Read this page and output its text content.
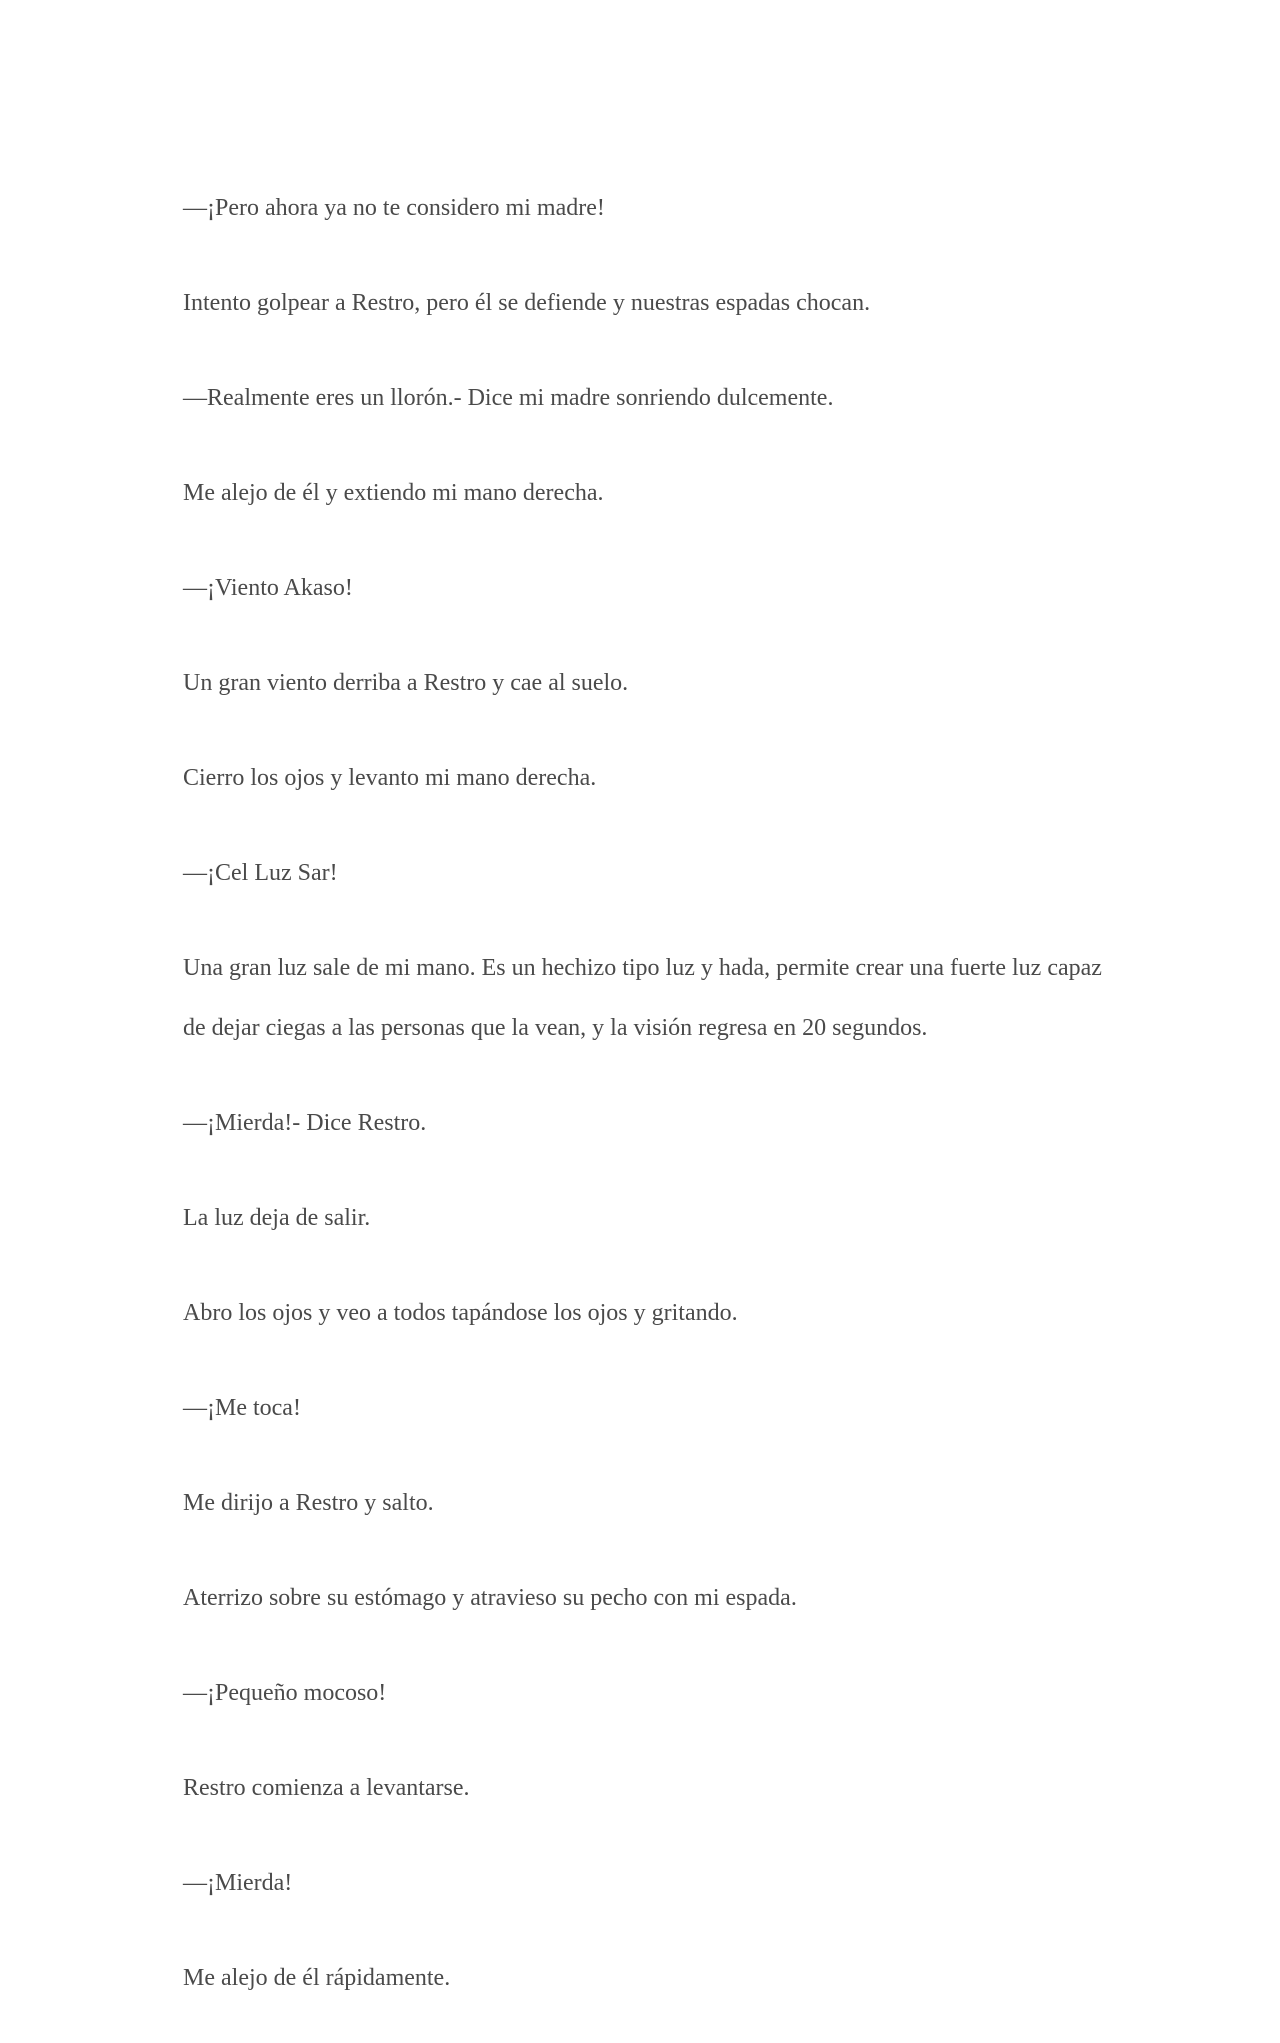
—¡Pero ahora ya no te considero mi madre!

Intento golpear a Restro, pero él se defiende y nuestras espadas chocan.

—Realmente eres un llorón.- Dice mi madre sonriendo dulcemente.

Me alejo de él y extiendo mi mano derecha.

—¡Viento Akaso!

Un gran viento derriba a Restro y cae al suelo.

Cierro los ojos y levanto mi mano derecha.

—¡Cel Luz Sar!

Una gran luz sale de mi mano. Es un hechizo tipo luz y hada, permite crear una fuerte luz capaz de dejar ciegas a las personas que la vean, y la visión regresa en 20 segundos.

—¡Mierda!- Dice Restro.

La luz deja de salir.

Abro los ojos y veo a todos tapándose los ojos y gritando.

—¡Me toca!

Me dirijo a Restro y salto.

Aterrizo sobre su estómago y atravieso su pecho con mi espada.

—¡Pequeño mocoso!

Restro comienza a levantarse.

—¡Mierda!

Me alejo de él rápidamente.
